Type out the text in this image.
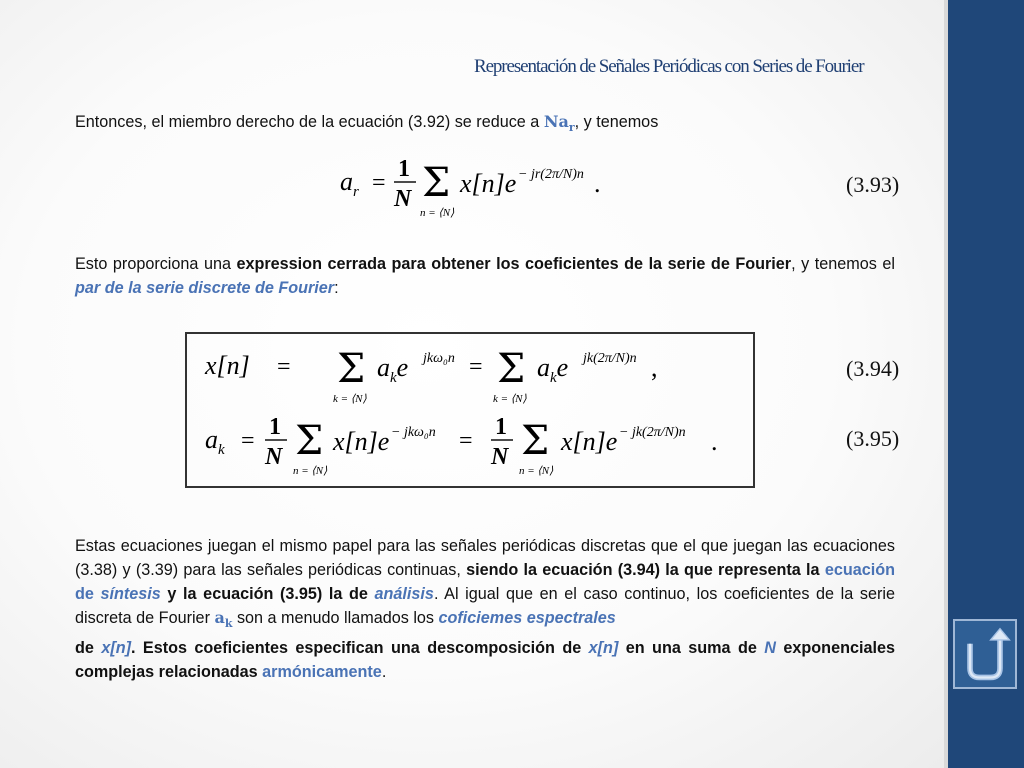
Representación de Señales Periódicas con Series de Fourier
Entonces, el miembro derecho de la ecuación (3.92) se reduce a $Na_r$, y tenemos
$a_r$ =
1
N Σ
n = ⟨N⟩
x[n]e − jr(2π/N)n .	(3.93)
Esto proporciona una expression cerrada para obtener los coeficientes de la serie de Fourier, y tenemos el par de la serie discrete de Fourier:
x[n] = Σ
k = ⟨N⟩
$a_ke$ jkω₀n = Σ
k = ⟨N⟩
$a_ke$ jk(2π/N)n ,	(3.94)
$a_k$ =
1
N Σ
n = ⟨N⟩
x[n]e − jkω₀n =
1
N Σ
n = ⟨N⟩
x[n]e − jk(2π/N)n .	(3.95)
Estas ecuaciones juegan el mismo papel para las señales periódicas discretas que el que juegan las ecuaciones (3.38) y (3.39) para las señales periódicas continuas, siendo la ecuación (3.94) la que representa la ecuación de síntesis y la ecuación (3.95) la de análisis. Al igual que en el caso continuo, los coeficientes de la serie discreta de Fourier $a_k$ son a menudo llamados los coficiemes espectrales
de x[n]. Estos coeficientes especifican una descomposición de x[n] en una suma de N exponenciales complejas relacionadas armónicamente.
